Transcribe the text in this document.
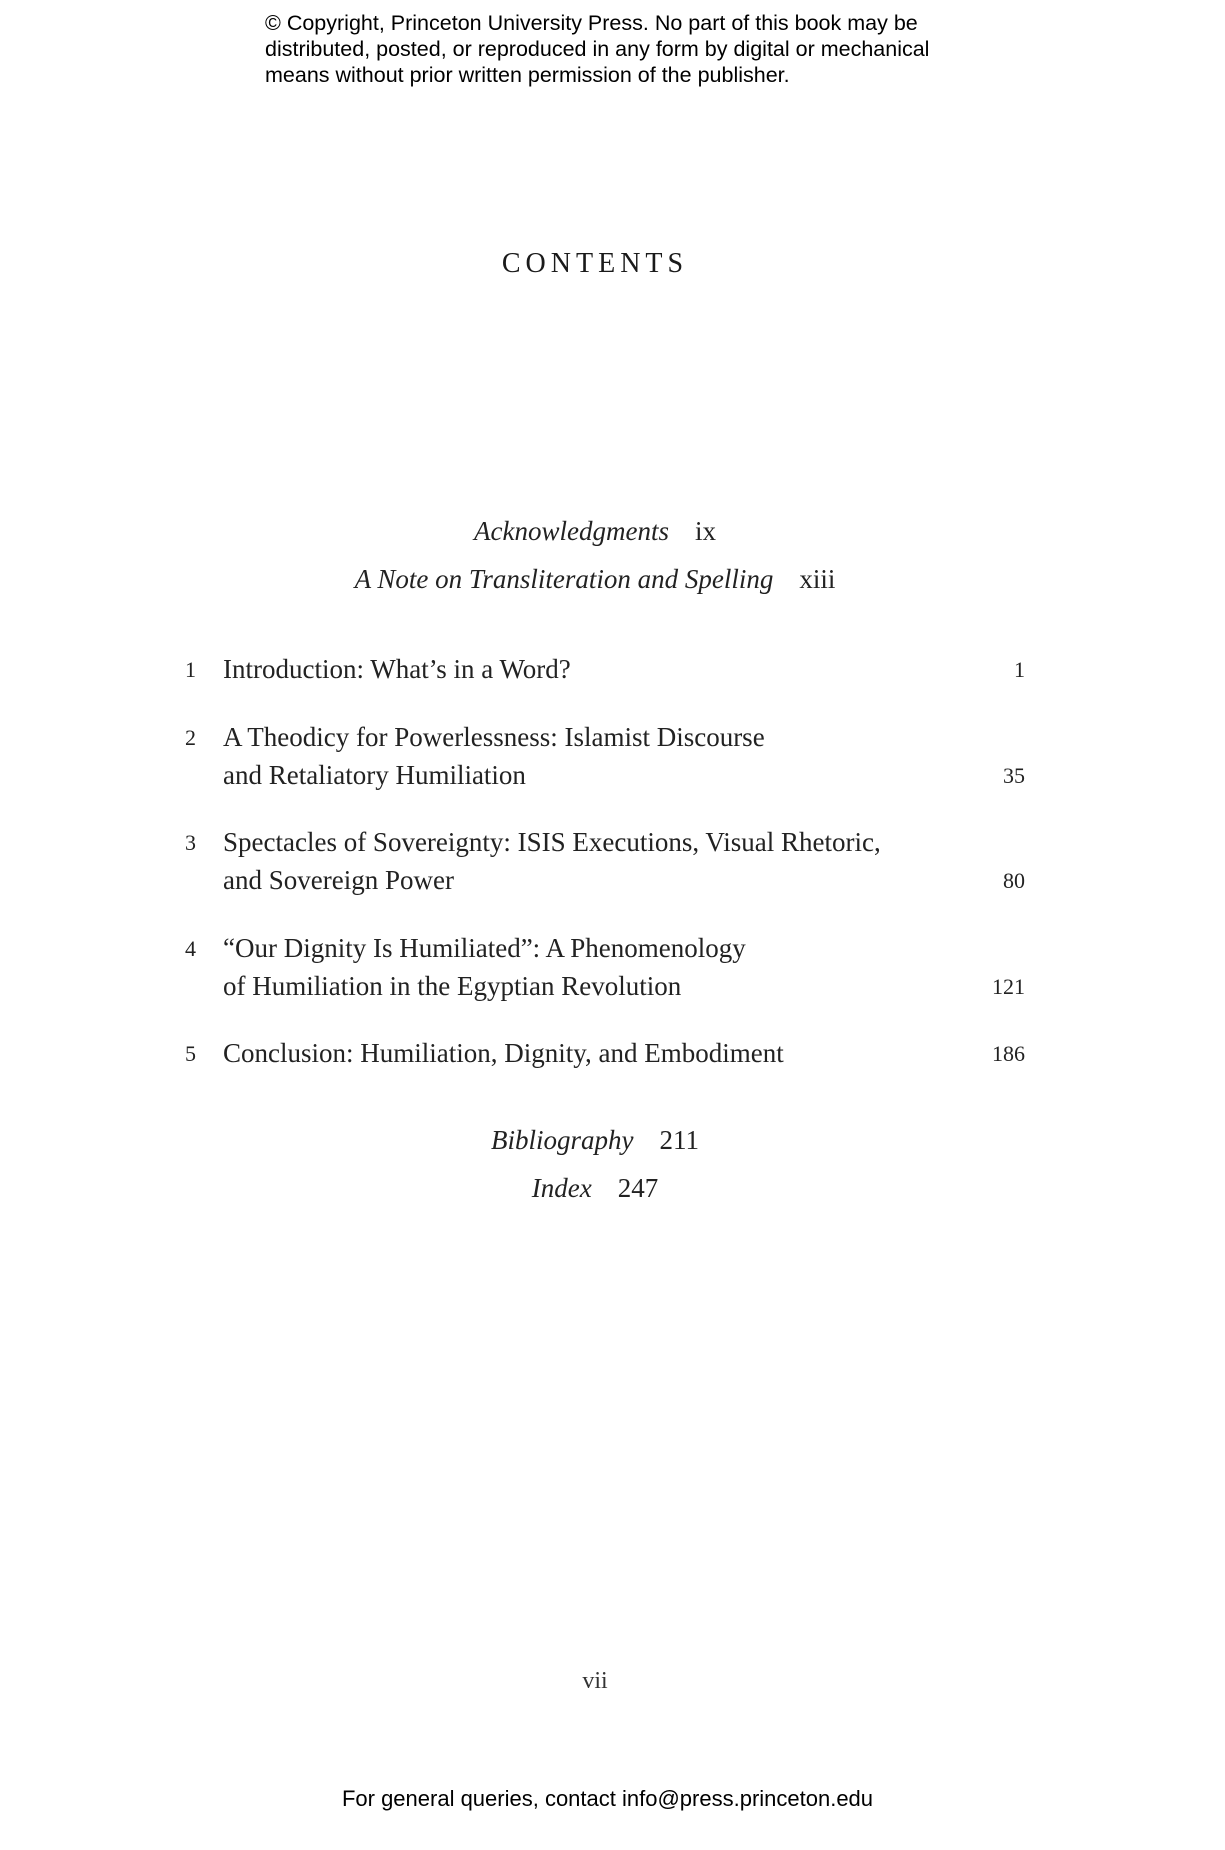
© Copyright, Princeton University Press. No part of this book may be
distributed, posted, or reproduced in any form by digital or mechanical
means without prior written permission of the publisher.
CONTENTS
Acknowledgments ix
A Note on Transliteration and Spelling xiii
1	Introduction: What’s in a Word?	1
2	A Theodicy for Powerlessness: Islamist Discourse
and Retaliatory Humiliation	35
3	Spectacles of Sovereignty: ISIS Executions, Visual Rhetoric,
and Sovereign Power	80
4	“Our Dignity Is Humiliated”: A Phenomenology
of Humiliation in the Egyptian Revolution	121
5	Conclusion: Humiliation, Dignity, and Embodiment	186
Bibliography 211
Index 247
vii
For general queries, contact info@press.princeton.edu
